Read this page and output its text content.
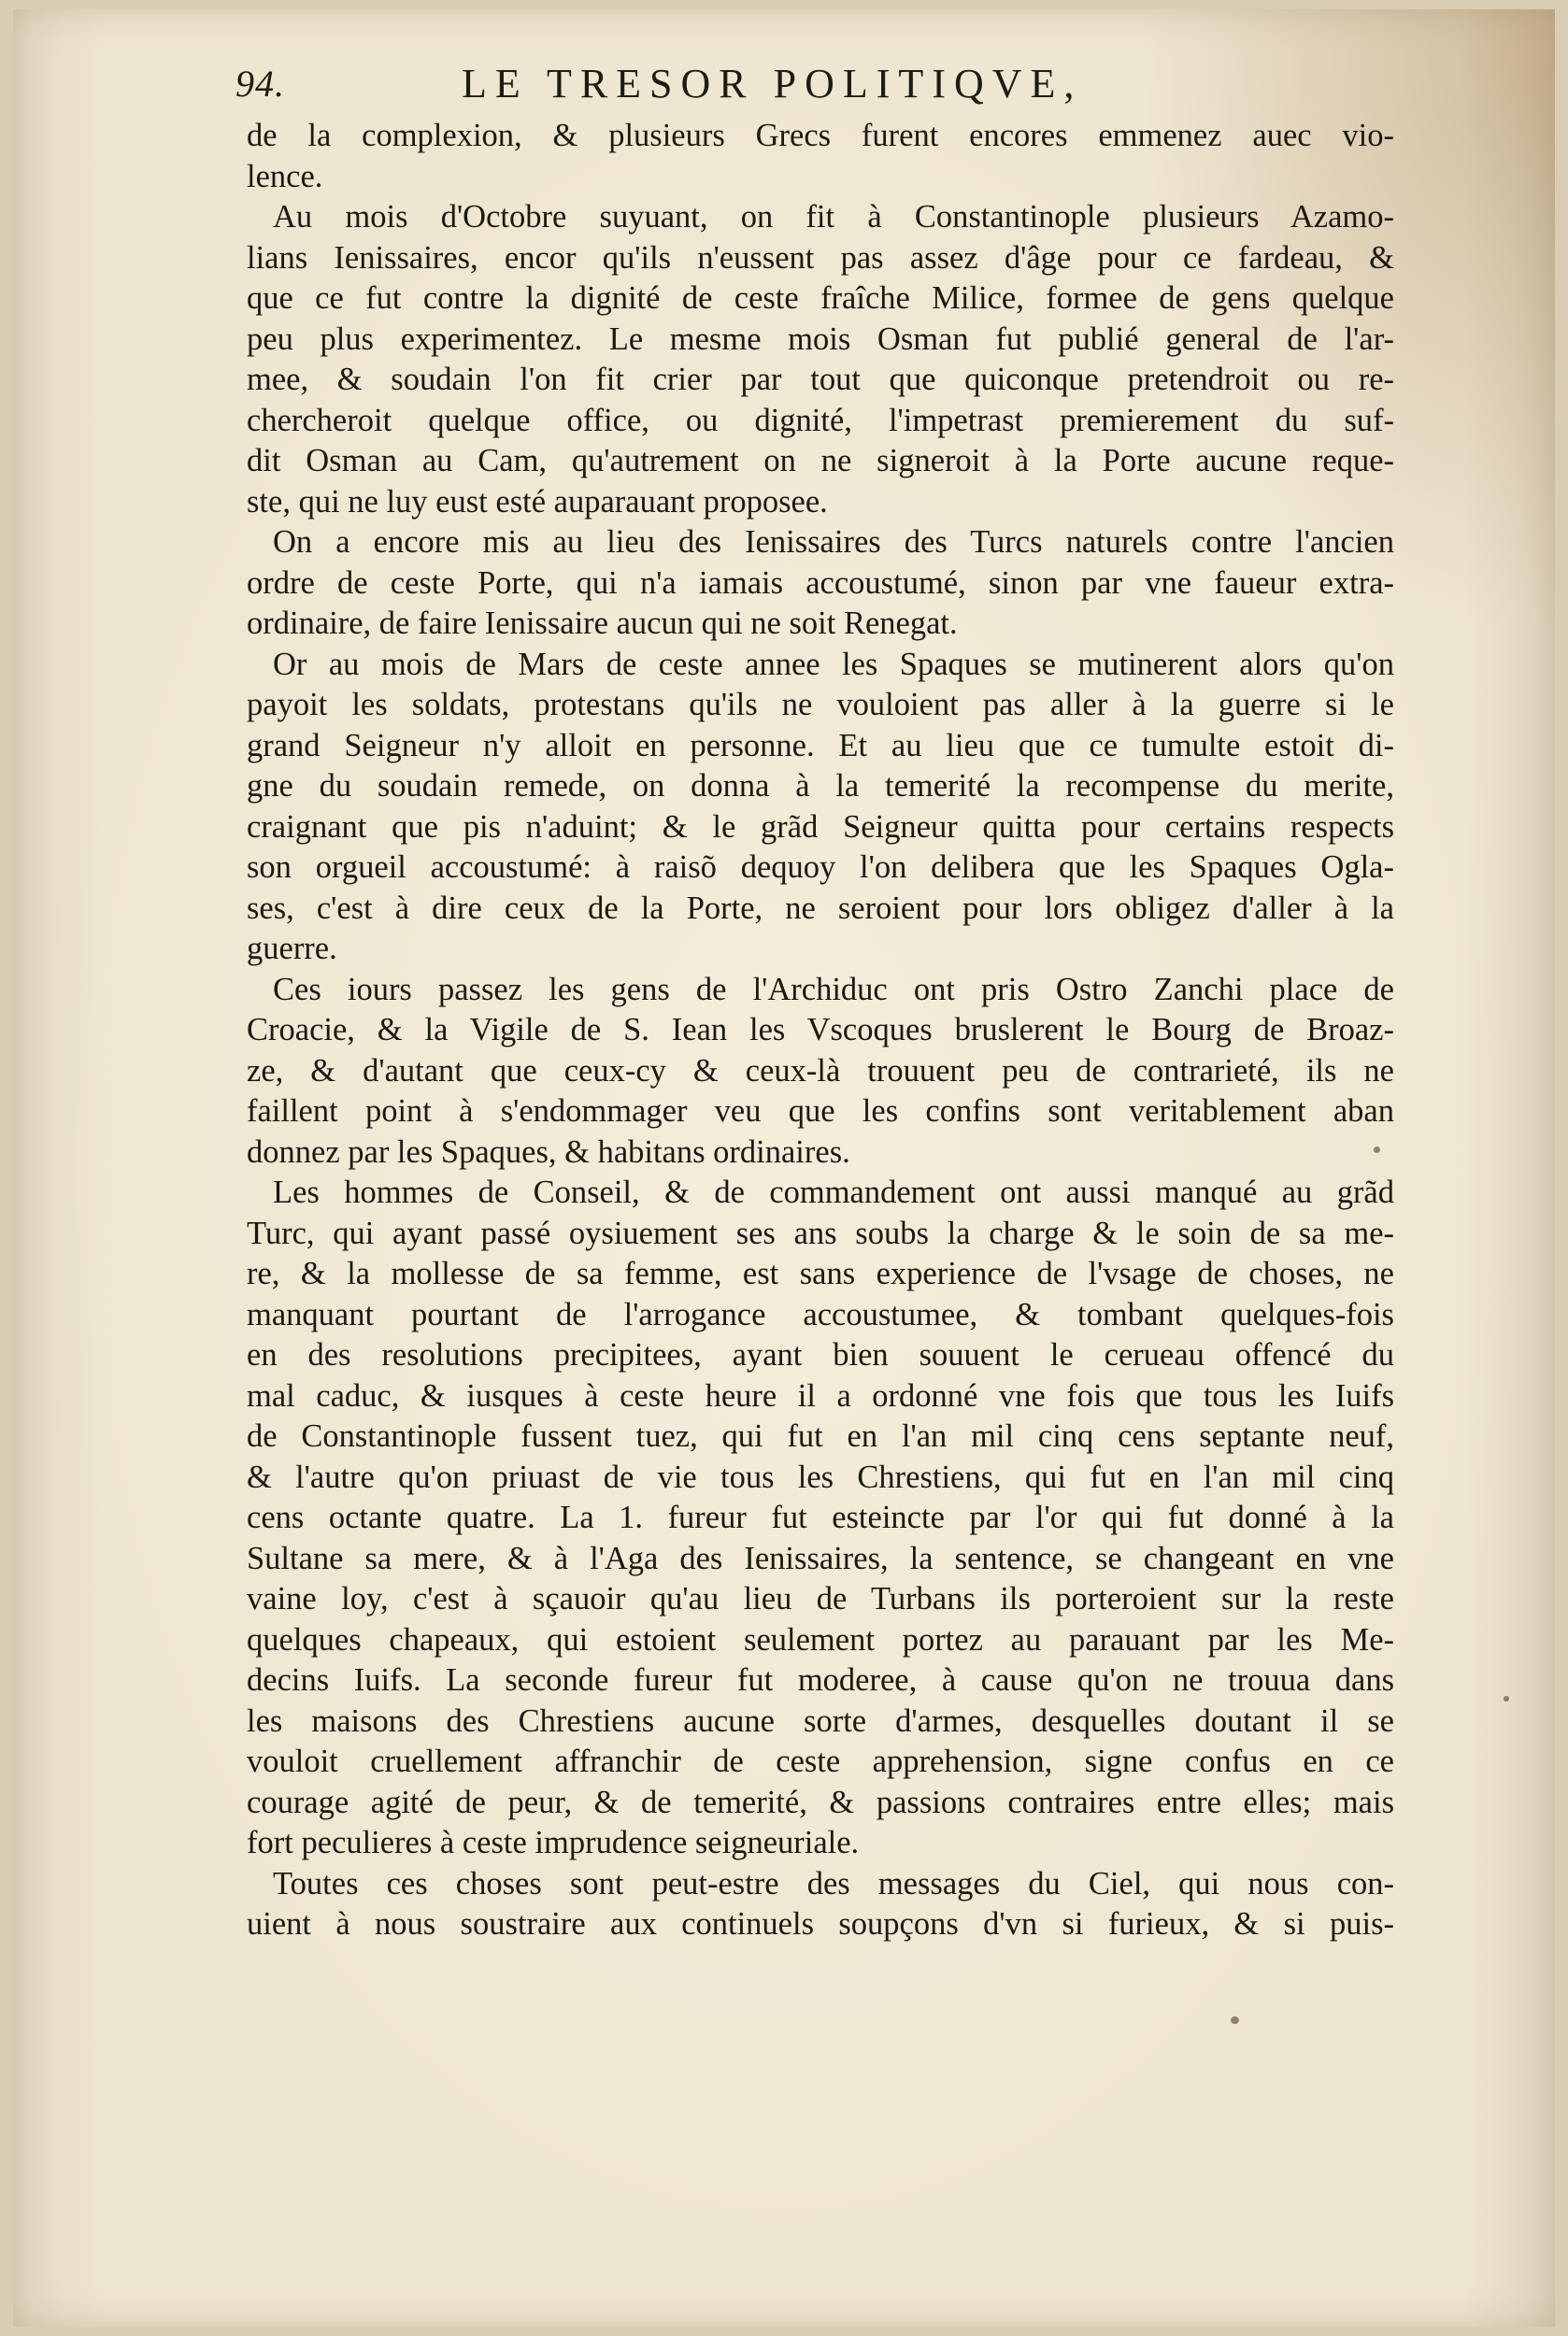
94.	LE TRESOR POLITIQVE,
de la complexion, & plusieurs Grecs furent encores emmenez auec vio-
lence.
Au mois d'Octobre suyuant, on fit à Constantinople plusieurs Azamo-
lians Ienissaires, encor qu'ils n'eussent pas assez d'âge pour ce fardeau, &
que ce fut contre la dignité de ceste fraîche Milice, formee de gens quelque
peu plus experimentez. Le mesme mois Osman fut publié general de l'ar-
mee, & soudain l'on fit crier par tout que quiconque pretendroit ou re-
chercheroit quelque office, ou dignité, l'impetrast premierement du suf-
dit Osman au Cam, qu'autrement on ne signeroit à la Porte aucune reque-
ste, qui ne luy eust esté auparauant proposee.
On a encore mis au lieu des Ienissaires des Turcs naturels contre l'ancien
ordre de ceste Porte, qui n'a iamais accoustumé, sinon par vne faueur extra-
ordinaire, de faire Ienissaire aucun qui ne soit Renegat.
Or au mois de Mars de ceste annee les Spaques se mutinerent alors qu'on
payoit les soldats, protestans qu'ils ne vouloient pas aller à la guerre si le
grand Seigneur n'y alloit en personne. Et au lieu que ce tumulte estoit di-
gne du soudain remede, on donna à la temerité la recompense du merite,
craignant que pis n'aduint; & le grãd Seigneur quitta pour certains respects
son orgueil accoustumé: à raisõ dequoy l'on delibera que les Spaques Ogla-
ses, c'est à dire ceux de la Porte, ne seroient pour lors obligez d'aller à la
guerre.
Ces iours passez les gens de l'Archiduc ont pris Ostro Zanchi place de
Croacie, & la Vigile de S. Iean les Vscoques bruslerent le Bourg de Broaz-
ze, & d'autant que ceux-cy & ceux-là trouuent peu de contrarieté, ils ne
faillent point à s'endommager veu que les confins sont veritablement aban
donnez par les Spaques, & habitans ordinaires.
Les hommes de Conseil, & de commandement ont aussi manqué au grãd
Turc, qui ayant passé oysiuement ses ans soubs la charge & le soin de sa me-
re, & la mollesse de sa femme, est sans experience de l'vsage de choses, ne
manquant pourtant de l'arrogance accoustumee, & tombant quelques-fois
en des resolutions precipitees, ayant bien souuent le cerueau offencé du
mal caduc, & iusques à ceste heure il a ordonné vne fois que tous les Iuifs
de Constantinople fussent tuez, qui fut en l'an mil cinq cens septante neuf,
& l'autre qu'on priuast de vie tous les Chrestiens, qui fut en l'an mil cinq
cens octante quatre. La 1. fureur fut esteincte par l'or qui fut donné à la
Sultane sa mere, & à l'Aga des Ienissaires, la sentence, se changeant en vne
vaine loy, c'est à sçauoir qu'au lieu de Turbans ils porteroient sur la reste
quelques chapeaux, qui estoient seulement portez au parauant par les Me-
decins Iuifs. La seconde fureur fut moderee, à cause qu'on ne trouua dans
les maisons des Chrestiens aucune sorte d'armes, desquelles doutant il se
vouloit cruellement affranchir de ceste apprehension, signe confus en ce
courage agité de peur, & de temerité, & passions contraires entre elles; mais
fort peculieres à ceste imprudence seigneuriale.
Toutes ces choses sont peut-estre des messages du Ciel, qui nous con-
uient à nous soustraire aux continuels soupçons d'vn si furieux, & si puis-
